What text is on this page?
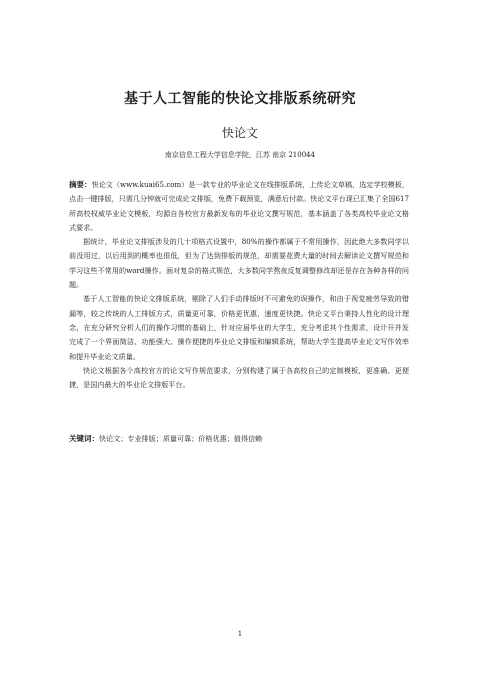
基于人工智能的快论文排版系统研究
快论文
南京信息工程大学信息学院，江苏 南京 210044

摘要：快论文（www.kuai65.com）是一款专业的毕业论文在线排版系统，上传论文草稿，选定学校模板，点击一键排版，只需几分钟就可完成论文排版，免费下载预览，满意后付款。快论文平台现已汇集了全国617所高校权威毕业论文模板，均源自各校官方最新发布的毕业论文撰写规范，基本涵盖了各类高校毕业论文格式要求。

据统计，毕业论文排版涉及的几十项格式设置中，80%的操作都属于不常用操作，因此绝大多数同学以前没用过，以后用到的概率也很低，但为了达到排版的规范，却需要花费大量的时间去解读论文撰写规范和学习这些不常用的word操作。面对复杂的格式规范，大多数同学熬夜反复调整修改却还是存在各种各样的问题。

基于人工智能的快论文排版系统，剔除了人们手动排版时不可避免的误操作，和由于视觉疲劳导致的错漏等，较之传统的人工排版方式，质量更可靠，价格更优惠，速度更快捷。快论文平台秉持人性化的设计理念，在充分研究分析人们的操作习惯的基础上，针对应届毕业的大学生，充分考虑其个性需求，设计开并发完成了一个界面简洁、功能强大、操作便捷的毕业论文排版和编辑系统，帮助大学生提高毕业论文写作效率和提升毕业论文质量。

快论文根据各个高校官方的论文写作规范要求，分别构建了属于各高校自己的定制模板，更准确、更便捷，是国内最大的毕业论文排版平台。

关键词：快论文；专业排版；质量可靠；价格优惠；值得信赖
1
